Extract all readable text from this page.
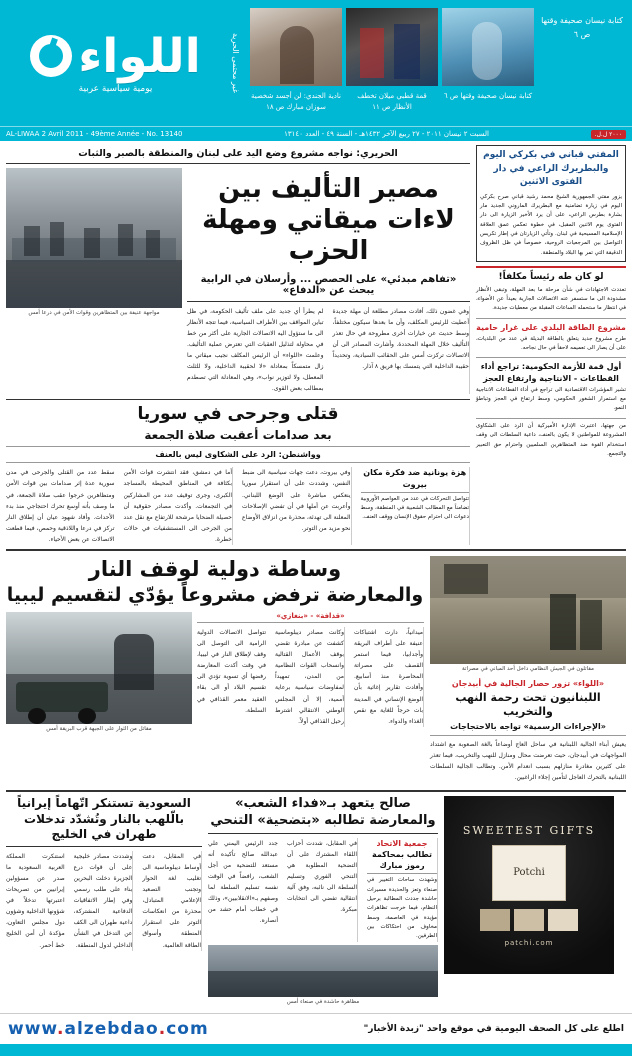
اللواء
يومية سياسية عربية	غير محتمى الحرية
نادية الجندي: لن أجسد شخصية سوزان مبارك ص ١٨
قمة قطبي ميلان تخطف الأنظار ص ١١
كتابة نيسان صحيفة وقتها ص ٦
كتابة نيسان صحيفة وقتها ص ٦
AL-LIWAA 2 Avril 2011 - 49ème Année - No. 13140	السبت ٢ نيسان ٢٠١١ - ٢٧ ربيع الآخر ١٤٣٢هـ - السنة ٤٩ - العدد ١٣١٤٠	٢٠٠٠ ل.ل.
الحريري: نواجه مشروع وضع اليد على لبنان والمنطقة بالصبر والثبات
مواجهة عنيفة بين المتظاهرين وقوات الأمن في درعا أمس
مصير التأليف بين لاءات ميقاتي ومهلة الحزب
«تفاهم مبدئي» على الحصص ... وأرسلان في الرابية يبحث عن «الدفاع»
لم يطرأ أي جديد على ملف تأليف الحكومة، في ظل تباين المواقف بين الأطراف السياسية، فيما تتجه الأنظار الى ما ستؤول اليه الاتصالات الجارية على أكثر من خط في محاولة لتذليل العقبات التي تعترض عملية التأليف. وعلمت «اللواء» أن الرئيس المكلف نجيب ميقاتي ما زال متمسكاً بمعادلة «لا لحقيبة الداخلية، ولا للثلث المعطل، ولا لتوزير نواب»، وهي المعادلة التي تصطدم بمطالب بعض القوى.
وفي غضون ذلك، أفادت مصادر مطلعة أن مهلة جديدة أعطيت للرئيس المكلف، وأن ما بعدها سيكون مختلفاً، وسط حديث عن خيارات أخرى مطروحة في حال تعذر التأليف خلال المهلة المحددة. وأشارت المصادر الى أن الاتصالات تركزت أمس على الحقائب السيادية، وتحديداً حقيبة الداخلية التي يتمسك بها فريق ٨ آذار.
قتلى وجرحى في سوريا
بعد صدامات أعقبت صلاة الجمعة
وواشنطن: الرد على الشكاوى ليس بالعنف
سقط عدد من القتلى والجرحى في مدن سورية عدة إثر صدامات بين قوات الأمن ومتظاهرين خرجوا عقب صلاة الجمعة، في ما وصف بأنه أوسع تحرك احتجاجي منذ بدء الأحداث. وأفاد شهود عيان أن إطلاق النار تركز في درعا واللاذقية وحمص، فيما قطعت الاتصالات عن بعض الأحياء.
أما في دمشق، فقد انتشرت قوات الأمن بكثافة في المناطق المحيطة بالمساجد الكبرى، وجرى توقيف عدد من المشاركين في التجمعات. وأكدت مصادر حقوقية أن حصيلة الضحايا مرشحة للارتفاع مع نقل عدد من الجرحى الى المستشفيات في حالات خطرة.
وفي بيروت، دعت جهات سياسية الى ضبط النفس، وشددت على أن استقرار سوريا ينعكس مباشرة على الوضع اللبناني. وأعربت عن أملها في أن تفضي الإصلاحات المعلنة الى تهدئة، محذرة من انزلاق الأوضاع نحو مزيد من التوتر.
هزة يونانية ضد فكرة مكان بيروت
تتواصل التحركات في عدد من العواصم الأوروبية تضامناً مع المطالب الشعبية في المنطقة، وسط دعوات الى احترام حقوق الإنسان ووقف العنف.
المفتي قباني في بكركي اليوم والبطريرك الراعي في دار الفتوى الاثنين
يزور مفتي الجمهورية الشيخ محمد رشيد قباني صرح بكركي اليوم في زيارة تضامنية مع البطريرك الماروني الجديد مار بشارة بطرس الراعي، على أن يرد الأخير الزيارة الى دار الفتوى يوم الاثنين المقبل، في خطوة تعكس عمق العلاقة الإسلامية المسيحية في لبنان. وتأتي الزيارتان في إطار تكريس التواصل بين المرجعيات الروحية، خصوصاً في ظل الظروف الدقيقة التي تمر بها البلاد والمنطقة.
لو كان طه رئيساً مكلفاً!
تعددت الاجتهادات في شأن مرحلة ما بعد المهلة، وتبقى الأنظار مشدودة الى ما ستسفر عنه الاتصالات الجارية بعيداً عن الأضواء، في انتظار ما ستحمله الساعات المقبلة من معطيات جديدة.
مشروع الطاقة البلدي على غرار حامية
طرح مشروع جديد يتعلق بالطاقة البديلة في عدد من البلديات، على أن يصار الى تعميمه لاحقاً في حال نجاحه.
أول قمة للأزمة الحكومية: تراجع أداء القطاعات - الانتاجية وارتفاع العجز
تشير المؤشرات الاقتصادية الى تراجع في أداء القطاعات الانتاجية مع استمرار الشغور الحكومي، وسط ارتفاع في العجز وتباطؤ النمو.
من جهتها، اعتبرت الإدارة الأميركية أن الرد على الشكاوى المشروعة للمواطنين لا يكون بالعنف، داعية السلطات الى وقف استخدام القوة ضد المتظاهرين السلميين واحترام حق التعبير والتجمع.
وساطة دولية لوقف النار
والمعارضة ترفض مشروعاً يؤدّي لتقسيم ليبيا
مقاتل من الثوار على الجبهة قرب البريقة أمس
«قذافة» - «بنغازي»
تتواصل الاتصالات الدولية الرامية الى التوصل الى وقف لإطلاق النار في ليبيا، في وقت أكدت المعارضة رفضها أي تسوية تؤدي الى تقسيم البلاد أو الى بقاء العقيد معمر القذافي في السلطة.
وكانت مصادر ديبلوماسية كشفت عن مبادرة تقضي بوقف الأعمال القتالية وانسحاب القوات النظامية من المدن، تمهيداً لمفاوضات سياسية برعاية أممية، إلا أن المجلس الوطني الانتقالي اشترط رحيل القذافي أولاً.
ميدانياً، دارت اشتباكات عنيفة على أطراف البريقة وأجدابيا، فيما استمر القصف على مصراتة المحاصرة منذ أسابيع. وأفادت تقارير إغاثية بأن الوضع الإنساني في المدينة بات حرجاً للغاية مع نقص الغذاء والدواء.
مقاتلون في الجيش النظامي داخل أحد المباني في مصراتة
«اللواء» تزور حصار الجالية في أبيدجان
اللبنانيون تحت رحمة النهب والتخريب
«الإجراءات الرسمية» تواجه بالاحتجاجات
يعيش أبناء الجالية اللبنانية في ساحل العاج أوضاعاً بالغة الصعوبة مع اشتداد المواجهات في أبيدجان، حيث تعرضت محال ومنازل للنهب والتخريب، فيما تعذر على كثيرين مغادرة منازلهم بسبب انعدام الأمن. وتطالب الجالية السلطات اللبنانية بالتحرك العاجل لتأمين إجلاء الراغبين.
السعودية تستنكر اتّهاماً إيرانياً
بالّلهب بالنار وتُشدّد تدخلات طهران في الخليج
استنكرت المملكة العربية السعودية ما صدر عن مسؤولين إيرانيين من تصريحات اعتبرتها تدخلاً في شؤونها الداخلية وشؤون دول مجلس التعاون، مؤكدة أن أمن الخليج خط أحمر.
وشددت مصادر خليجية على أن قوات درع الجزيرة دخلت البحرين بناء على طلب رسمي وفي إطار الاتفاقيات الدفاعية المشتركة، داعية طهران الى الكف عن التدخل في الشأن الداخلي لدول المنطقة.
في المقابل، دعت أوساط ديبلوماسية الى تغليب لغة الحوار وتجنب التصعيد الإعلامي المتبادل، محذرة من انعكاسات التوتر على استقرار المنطقة وأسواق الطاقة العالمية.
صالح يتعهد بـ«فداء الشعب»
والمعارضة تطالبه «بتضحية» التنحي
جدد الرئيس اليمني علي عبدالله صالح تأكيده أنه مستعد للتضحية من أجل الشعب، رافضاً في الوقت نفسه تسليم السلطة لما وصفهم بـ«الانقلابيين»، وذلك في خطاب أمام حشد من أنصاره.
في المقابل، شددت أحزاب اللقاء المشترك على أن التضحية المطلوبة هي التنحي الفوري وتسليم السلطة الى نائبه، وفق آلية انتقالية تفضي الى انتخابات مبكرة.
جمعية الاتحاد
تطالب بمحاكمة رموز مبارك
وشهدت ساحات التغيير في صنعاء وتعز والحديدة مسيرات حاشدة جددت المطالبة برحيل النظام، فيما خرجت تظاهرات مؤيدة في العاصمة، وسط مخاوف من احتكاكات بين الطرفين.
مظاهرة حاشدة في صنعاء أمس
SWEETEST GIFTS
Potchi
patchi.com
اطلع على كل الصحف اليومية في موقع واحد "زبدة الأخبار"
www.alzebdao.com
